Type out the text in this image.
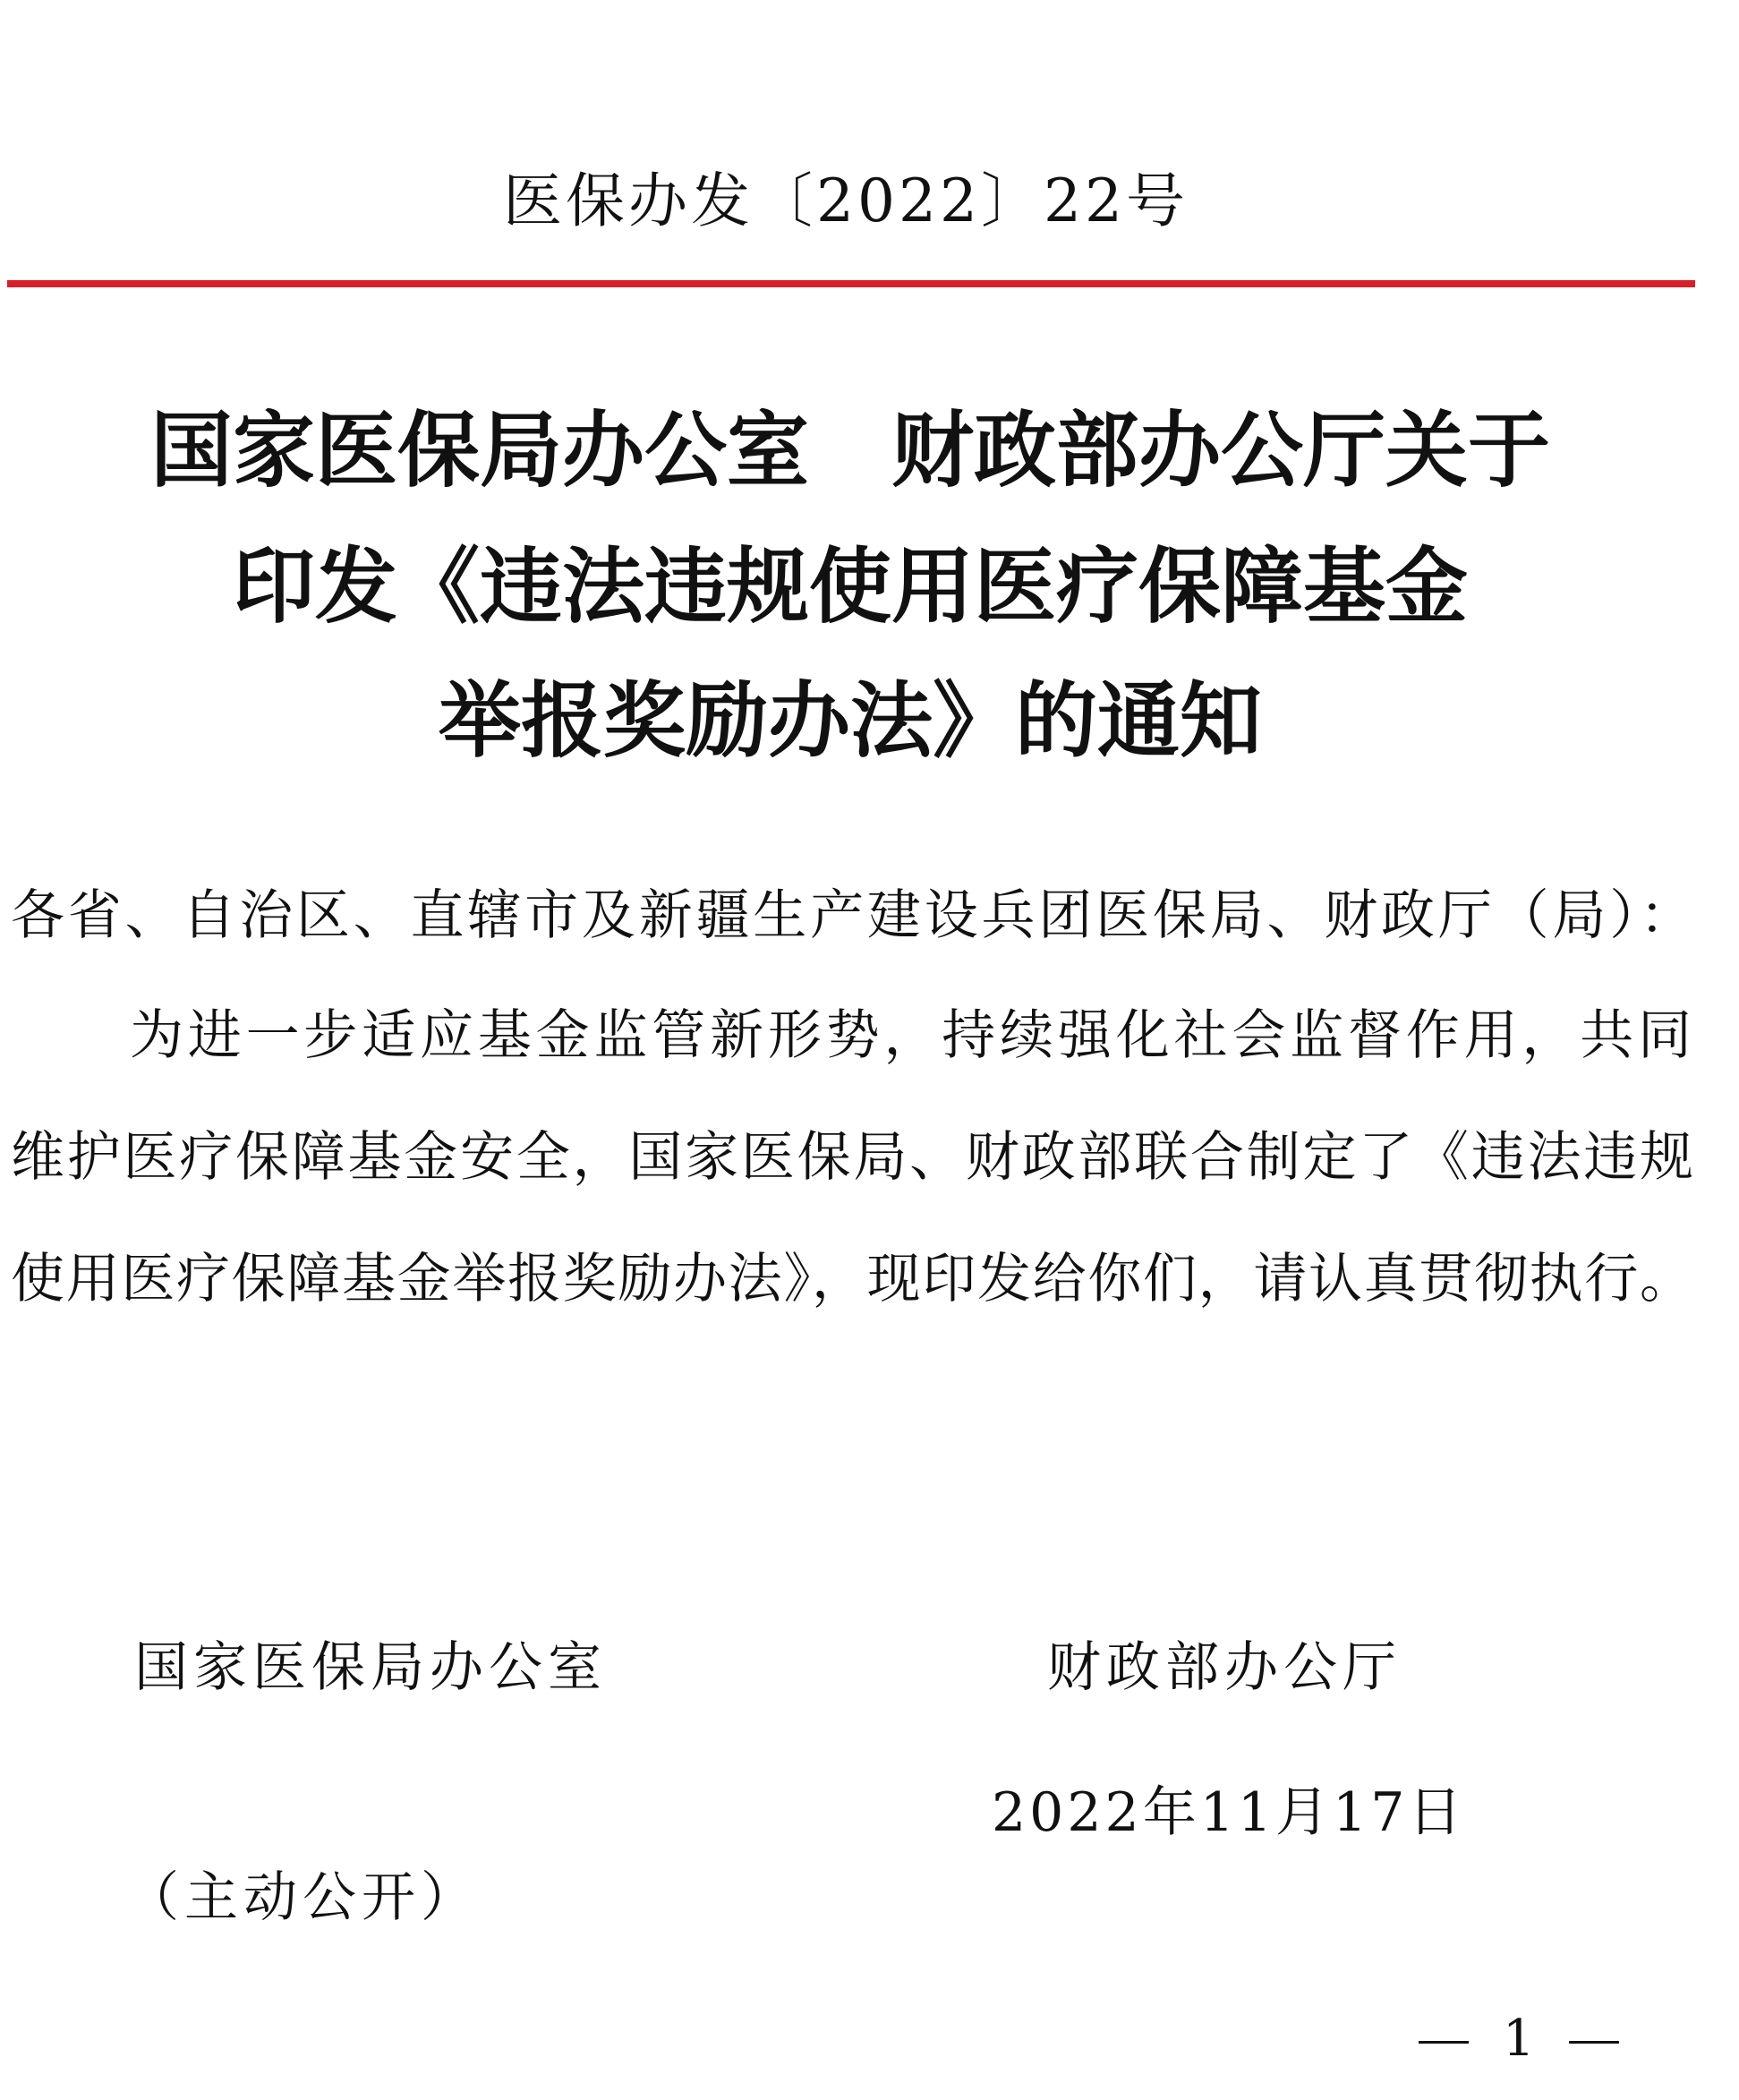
医保办发〔2022〕22号
国家医保局办公室　财政部办公厅关于
印发《违法违规使用医疗保障基金
举报奖励办法》的通知
各省、自治区、直辖市及新疆生产建设兵团医保局、财政厅（局）：
为进一步适应基金监管新形势，持续强化社会监督作用，共同
维护医疗保障基金安全，国家医保局、财政部联合制定了《违法违规
使用医疗保障基金举报奖励办法》，现印发给你们，请认真贯彻执行。
国家医保局办公室	财政部办公厅
2022年11月17日
（主动公开）
1
